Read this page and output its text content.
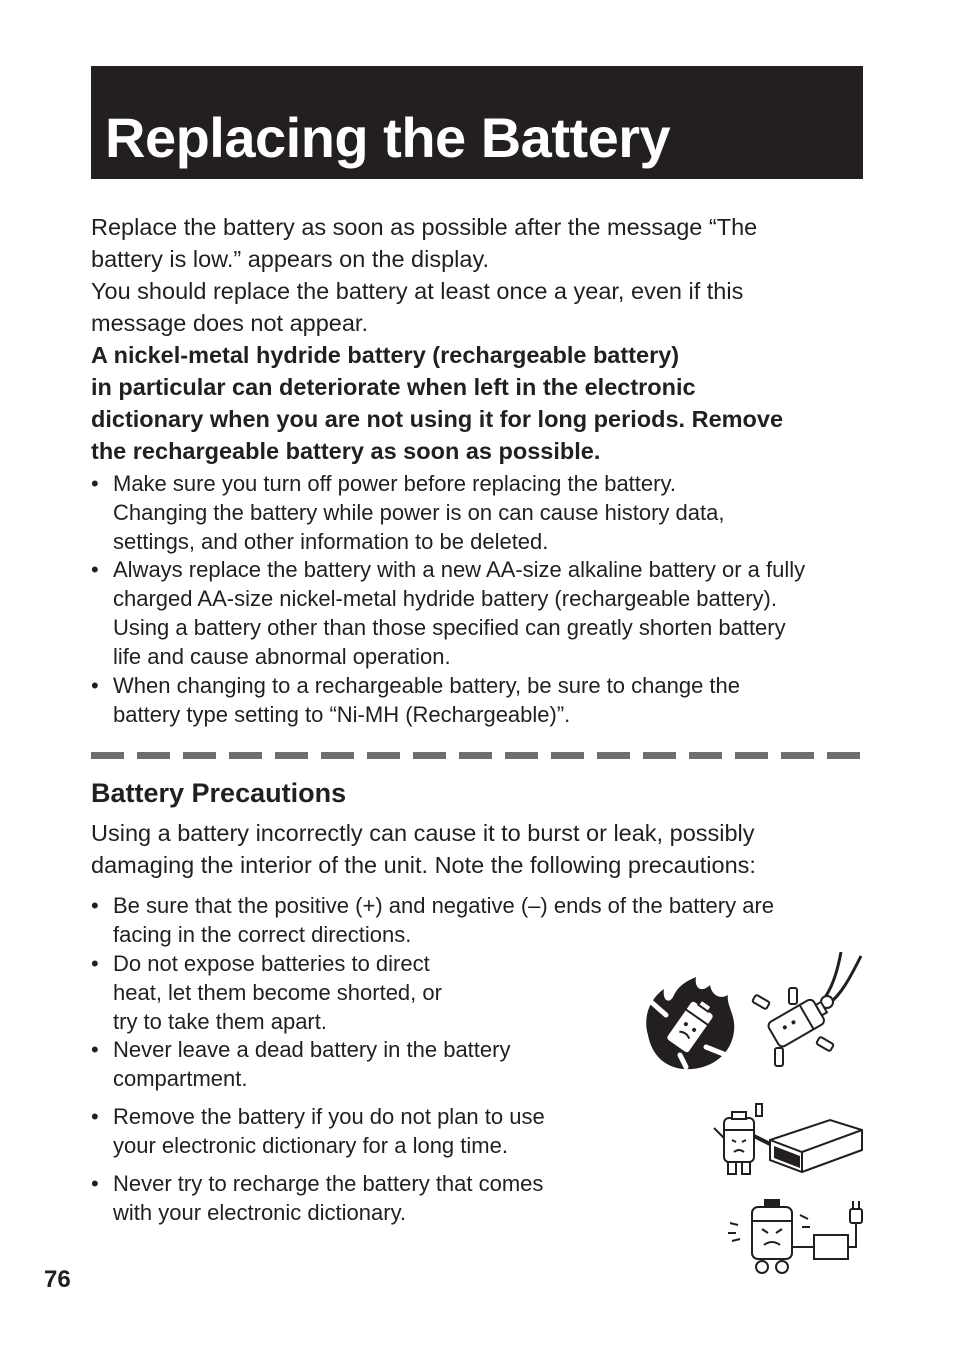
Replacing the Battery

Replace the battery as soon as possible after the message “The

battery is low.” appears on the display.

You should replace the battery at least once a year, even if this

message does not appear.

A nickel-metal hydride battery (rechargeable battery)

in particular can deteriorate when left in the electronic

dictionary when you are not using it for long periods. Remove

the rechargeable battery as soon as possible.

• Make sure you turn off power before replacing the battery.
Changing the battery while power is on can cause history data,
settings, and other information to be deleted.
• Always replace the battery with a new AA-size alkaline battery or a fully
charged AA-size nickel-metal hydride battery (rechargeable battery).
Using a battery other than those specified can greatly shorten battery
life and cause abnormal operation.
• When changing to a rechargeable battery, be sure to change the
battery type setting to “Ni-MH (Rechargeable)”.
Battery Precautions

Using a battery incorrectly can cause it to burst or leak, possibly

damaging the interior of the unit. Note the following precautions:

• Be sure that the positive (+) and negative (–) ends of the battery are
facing in the correct directions.
• Do not expose batteries to direct
heat, let them become shorted, or
try to take them apart.
• Never leave a dead battery in the battery
compartment.
• Remove the battery if you do not plan to use
your electronic dictionary for a long time.
• Never try to recharge the battery that comes
with your electronic dictionary.
76
